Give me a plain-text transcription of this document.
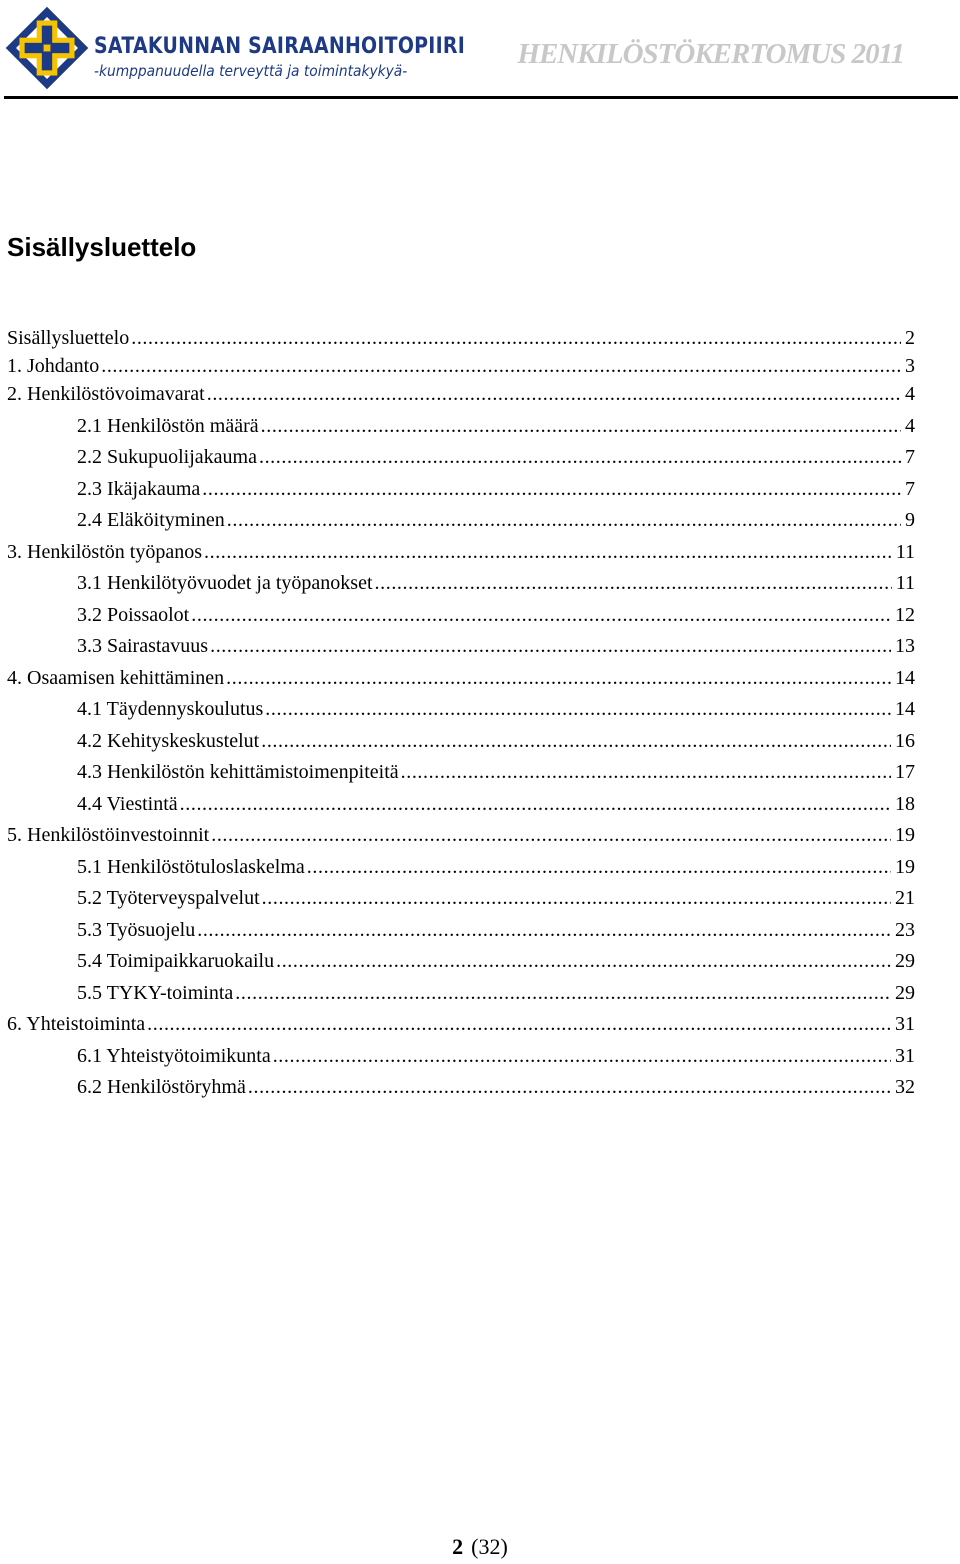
SATAKUNNAN SAIRAANHOITOPIIRI
-kumppanuudella terveyttä ja toimintakykyä-
HENKILÖSTÖKERTOMUS 2011
Sisällysluettelo
Sisällysluettelo .....	2
1. Johdanto .....	3
2. Henkilöstövoimavarat .....	4
2.1 Henkilöstön määrä .....	4
2.2 Sukupuolijakauma .....	7
2.3 Ikäjakauma .....	7
2.4 Eläköityminen .....	9
3. Henkilöstön työpanos .....	11
3.1 Henkilötyövuodet ja työpanokset .....	11
3.2 Poissaolot .....	12
3.3 Sairastavuus .....	13
4. Osaamisen kehittäminen .....	14
4.1 Täydennyskoulutus .....	14
4.2 Kehityskeskustelut .....	16
4.3 Henkilöstön kehittämistoimenpiteitä .....	17
4.4 Viestintä .....	18
5. Henkilöstöinvestoinnit .....	19
5.1 Henkilöstötuloslaskelma .....	19
5.2 Työterveyspalvelut .....	21
5.3 Työsuojelu .....	23
5.4 Toimipaikkaruokailu .....	29
5.5 TYKY-toiminta .....	29
6. Yhteistoiminta .....	31
6.1 Yhteistyötoimikunta .....	31
6.2 Henkilöstöryhmä .....	32
2 (32)
